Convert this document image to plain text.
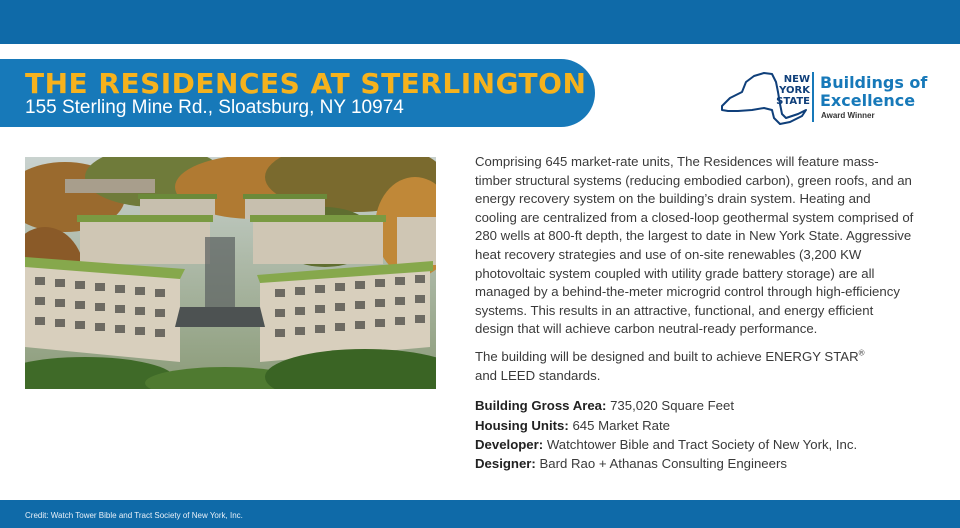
THE RESIDENCES AT STERLINGTON
155 Sterling Mine Rd., Sloatsburg, NY 10974
NEW
YORK
STATE
Buildings of
Excellence
Award Winner

Comprising 645 market-rate units, The Residences will feature mass-timber structural systems (reducing embodied carbon), green roofs, and an energy recovery system on the building’s drain system. Heating and cooling are centralized from a closed-loop geothermal system comprised of 280 wells at 800-ft depth, the largest to date in New York State. Aggressive heat recovery strategies and use of on-site renewables (3,200 KW photovoltaic system coupled with utility grade battery storage) are all managed by a behind-the-meter microgrid control through high-efficiency systems. This results in an attractive, functional, and energy efficient design that will achieve carbon neutral-ready performance.

The building will be designed and built to achieve ENERGY STAR®
and LEED standards.

Building Gross Area: 735,020 Square Feet
Housing Units: 645 Market Rate
Developer: Watchtower Bible and Tract Society of New York, Inc.
Designer: Bard Rao + Athanas Consulting Engineers
Credit: Watch Tower Bible and Tract Society of New York, Inc.
